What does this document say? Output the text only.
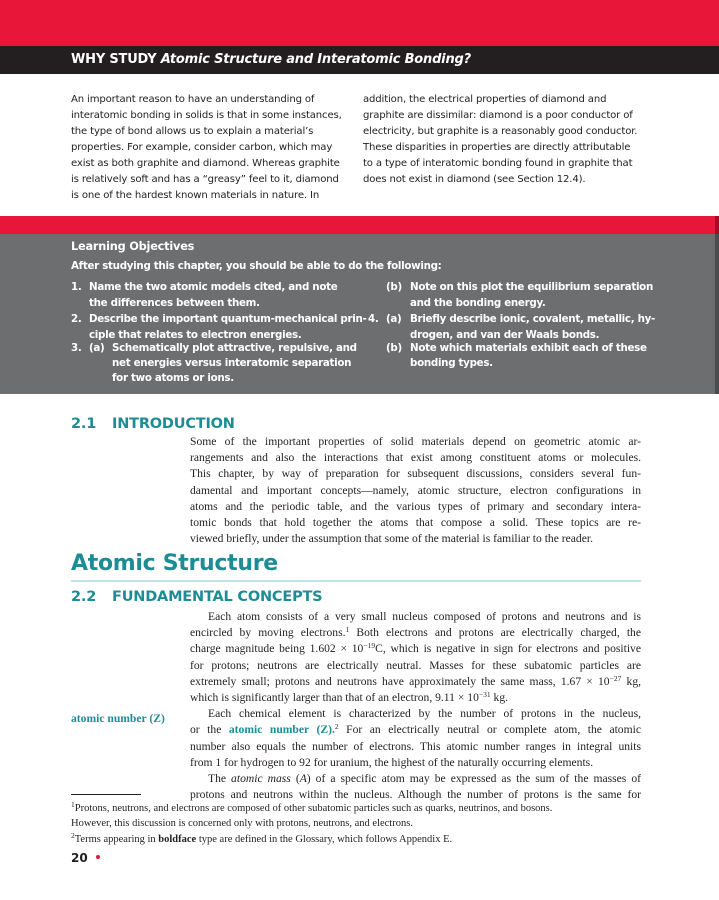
WHY STUDY Atomic Structure and Interatomic Bonding?
An important reason to have an understanding of
interatomic bonding in solids is that in some instances,
the type of bond allows us to explain a material’s
properties. For example, consider carbon, which may
exist as both graphite and diamond. Whereas graphite
is relatively soft and has a “greasy” feel to it, diamond
is one of the hardest known materials in nature. In
addition, the electrical properties of diamond and
graphite are dissimilar: diamond is a poor conductor of
electricity, but graphite is a reasonably good conductor.
These disparities in properties are directly attributable
to a type of interatomic bonding found in graphite that
does not exist in diamond (see Section 12.4).
Learning Objectives
After studying this chapter, you should be able to do the following:
1. Name the two atomic models cited, and note
the differences between them.
2. Describe the important quantum-mechanical prin-
ciple that relates to electron energies.
3. (a) Schematically plot attractive, repulsive, and
net energies versus interatomic separation
for two atoms or ions.
(b) Note on this plot the equilibrium separation
and the bonding energy.
4. (a) Briefly describe ionic, covalent, metallic, hy-
drogen, and van der Waals bonds.
(b) Note which materials exhibit each of these
bonding types.
2.1 INTRODUCTION
Some of the important properties of solid materials depend on geometric atomic ar-
rangements and also the interactions that exist among constituent atoms or molecules.
This chapter, by way of preparation for subsequent discussions, considers several fun-
damental and important concepts—namely, atomic structure, electron configurations in
atoms and the periodic table, and the various types of primary and secondary intera-
tomic bonds that hold together the atoms that compose a solid. These topics are re-
viewed briefly, under the assumption that some of the material is familiar to the reader.
Atomic Structure
2.2 FUNDAMENTAL CONCEPTS
atomic number (Z)
Each atom consists of a very small nucleus composed of protons and neutrons and is
encircled by moving electrons.$^1$ Both electrons and protons are electrically charged, the
charge magnitude being $1.602 \times 10^{-19}C$, which is negative in sign for electrons and positive
for protons; neutrons are electrically neutral. Masses for these subatomic particles are
extremely small; protons and neutrons have approximately the same mass, $1.67 \times 10^{-27}$ kg,
which is significantly larger than that of an electron, $9.11 \times 10^{-31}$ kg.
Each chemical element is characterized by the number of protons in the nucleus,
or the atomic number (Z).$^2$ For an electrically neutral or complete atom, the atomic
number also equals the number of electrons. This atomic number ranges in integral units
from 1 for hydrogen to 92 for uranium, the highest of the naturally occurring elements.
The atomic mass (A) of a specific atom may be expressed as the sum of the masses of
protons and neutrons within the nucleus. Although the number of protons is the same for
$^1$Protons, neutrons, and electrons are composed of other subatomic particles such as quarks, neutrinos, and bosons.
However, this discussion is concerned only with protons, neutrons, and electrons.
$^2$Terms appearing in boldface type are defined in the Glossary, which follows Appendix E.
20
